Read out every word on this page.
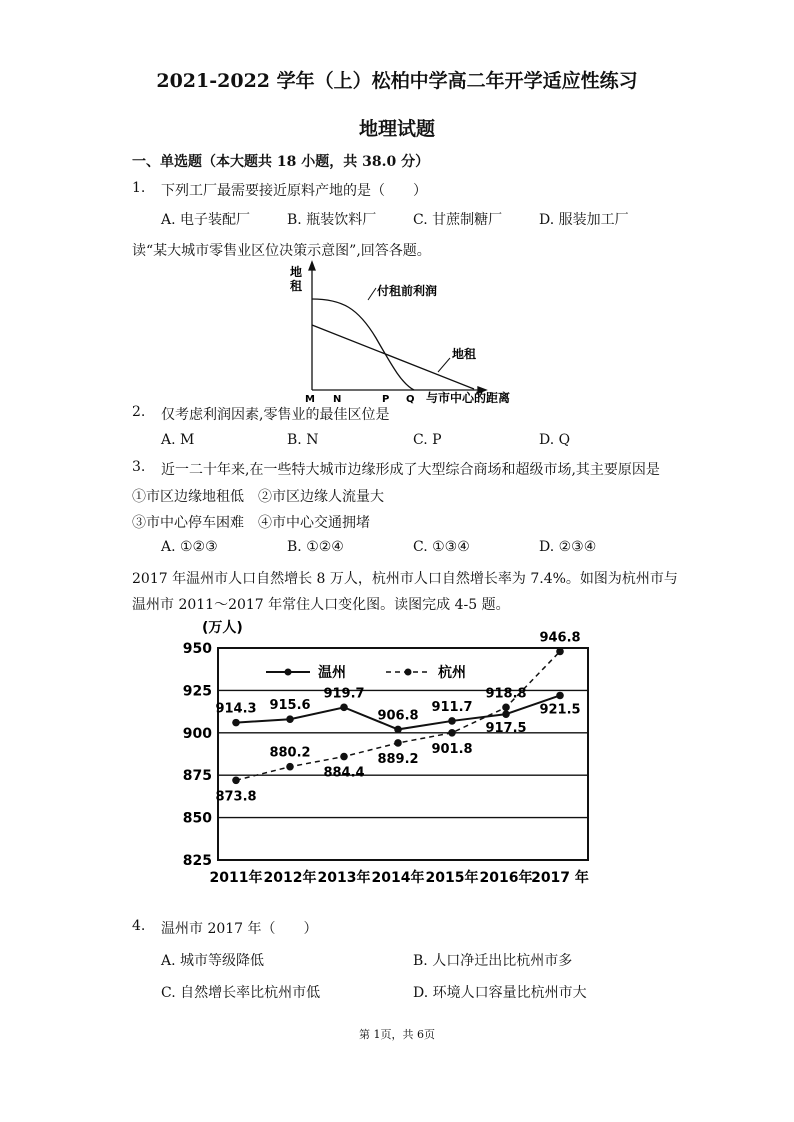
2021-2022 学年（上）松柏中学高二年开学适应性练习
地理试题
一、单选题（本大题共 18 小题，共 38.0 分）
1. 下列工厂最需要接近原料产地的是（　　）
A. 电子装配厂	B. 瓶装饮料厂	C. 甘蔗制糖厂	D. 服装加工厂
读“某大城市零售业区位决策示意图”,回答各题。
地
租	付租前利润
地租
与市中心的距离
M N	P Q
2. 仅考虑利润因素,零售业的最佳区位是
A. M	B. N	C. P	D. Q
3. 近一二十年来,在一些特大城市边缘形成了大型综合商场和超级市场,其主要原因是
①市区边缘地租低　②市区边缘人流量大
③市中心停车困难　④市中心交通拥堵
A. ①②③	B. ①②④	C. ①③④	D. ②③④
2017 年温州市人口自然增长 8 万人，杭州市人口自然增长率为 7.4%。如图为杭州市与
温州市 2011～2017 年常住人口变化图。读图完成 4-5 题。
(万人)
950
925
900
875
850
825
2011年 2012年 2013年 2014年 2015年 2016年
2017 年
温州	杭州
914.3 915.6
919.7
906.8
911.7
917.5
921.5
873.8
880.2
884.4
889.2
901.8
918.8
946.8
4. 温州市 2017 年（　　）
A. 城市等级降低	B. 人口净迁出比杭州市多
C. 自然增长率比杭州市低	D. 环境人口容量比杭州市大
第 1页，共 6页
